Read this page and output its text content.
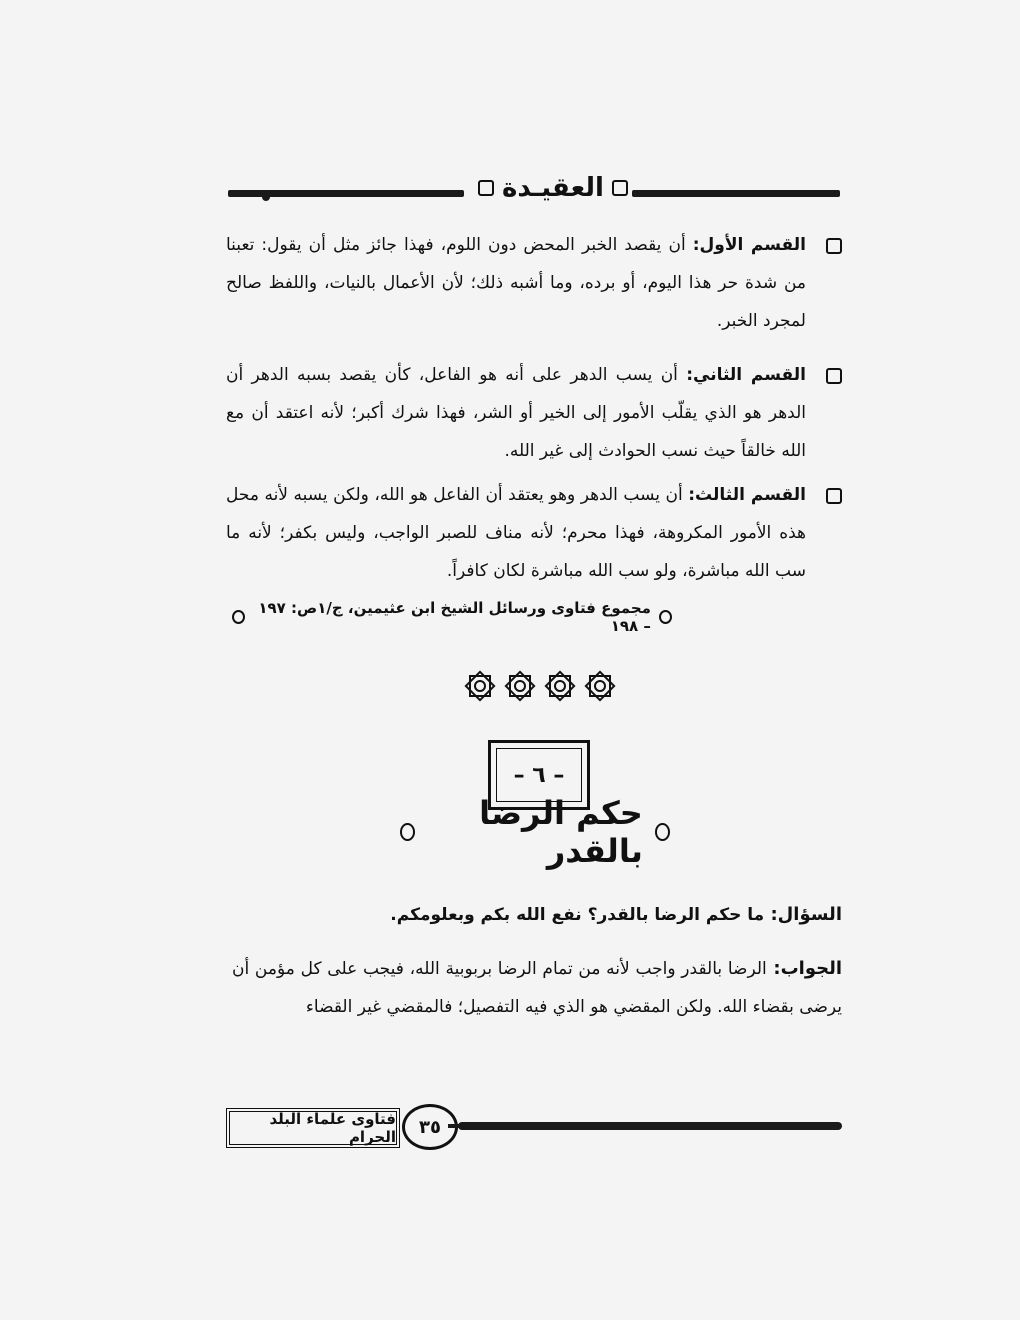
العقيـدة
القسم الأول: أن يقصد الخبر المحض دون اللوم، فهذا جائز مثل أن يقول: تعبنا من شدة حر هذا اليوم، أو برده، وما أشبه ذلك؛ لأن الأعمال بالنيات، واللفظ صالح لمجرد الخبر.
القسم الثاني: أن يسب الدهر على أنه هو الفاعل، كأن يقصد بسبه الدهر أن الدهر هو الذي يقلّب الأمور إلى الخير أو الشر، فهذا شرك أكبر؛ لأنه اعتقد أن مع الله خالقاً حيث نسب الحوادث إلى غير الله.
القسم الثالث: أن يسب الدهر وهو يعتقد أن الفاعل هو الله، ولكن يسبه لأنه محل هذه الأمور المكروهة، فهذا محرم؛ لأنه مناف للصبر الواجب، وليس بكفر؛ لأنه ما سب الله مباشرة، ولو سب الله مباشرة لكان كافراً.
مجموع فتاوى ورسائل الشيخ ابن عثيمين، ج/١ص: ١٩٧ – ١٩٨
– ٦ –
حكم الرضا بالقدر
السؤال: ما حكم الرضا بالقدر؟ نفع الله بكم وبعلومكم.
الجواب: الرضا بالقدر واجب لأنه من تمام الرضا بربوبية الله، فيجب على كل مؤمن أن يرضى بقضاء الله. ولكن المقضي هو الذي فيه التفصيل؛ فالمقضي غير القضاء
فتاوى علماء البلد الحرام	٣٥
